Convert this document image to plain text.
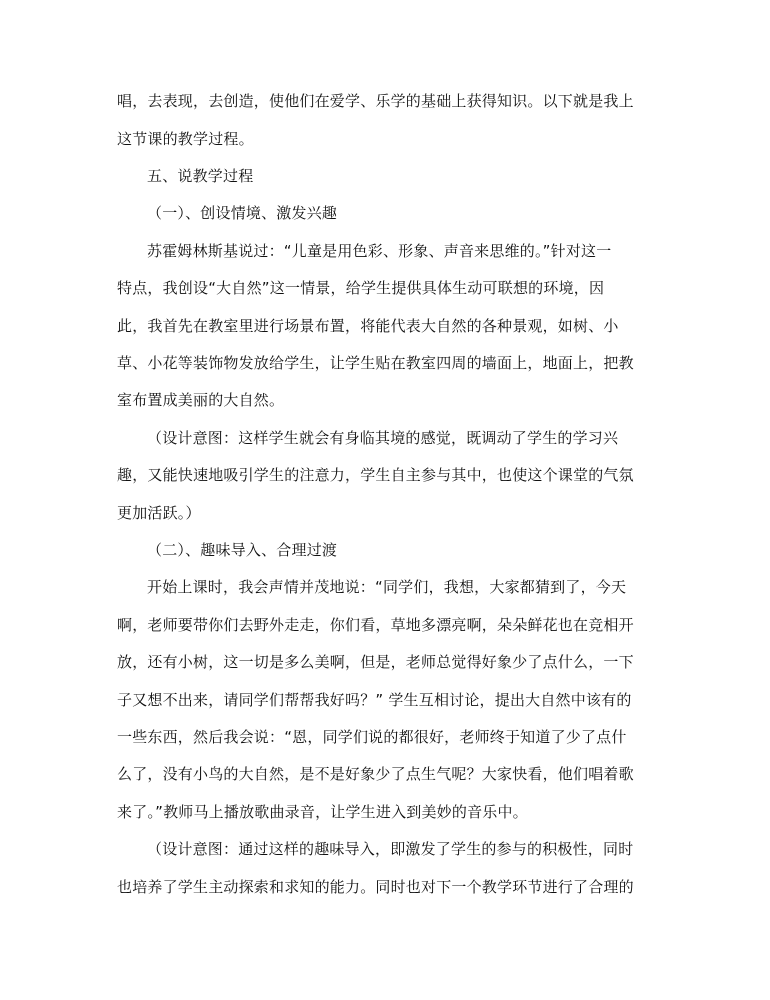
唱，去表现，去创造，使他们在爱学、乐学的基础上获得知识。以下就是我上
这节课的教学过程。
五、说教学过程
（一）、创设情境、激发兴趣
苏霍姆林斯基说过：“儿童是用色彩、形象、声音来思维的。”针对这一
特点，我创设“大自然”这一情景，给学生提供具体生动可联想的环境，因
此，我首先在教室里进行场景布置，将能代表大自然的各种景观，如树、小
草、小花等装饰物发放给学生，让学生贴在教室四周的墙面上，地面上，把教
室布置成美丽的大自然。
（设计意图：这样学生就会有身临其境的感觉，既调动了学生的学习兴
趣，又能快速地吸引学生的注意力，学生自主参与其中，也使这个课堂的气氛
更加活跃。）
（二）、趣味导入、合理过渡
开始上课时，我会声情并茂地说：“同学们，我想，大家都猜到了，今天
啊，老师要带你们去野外走走，你们看，草地多漂亮啊，朵朵鲜花也在竞相开
放，还有小树，这一切是多么美啊，但是，老师总觉得好象少了点什么，一下
子又想不出来，请同学们帮帮我好吗？” 学生互相讨论，提出大自然中该有的
一些东西，然后我会说：“恩，同学们说的都很好，老师终于知道了少了点什
么了，没有小鸟的大自然，是不是好象少了点生气呢？大家快看，他们唱着歌
来了。”教师马上播放歌曲录音，让学生进入到美妙的音乐中。
（设计意图：通过这样的趣味导入，即激发了学生的参与的积极性，同时
也培养了学生主动探索和求知的能力。同时也对下一个教学环节进行了合理的
